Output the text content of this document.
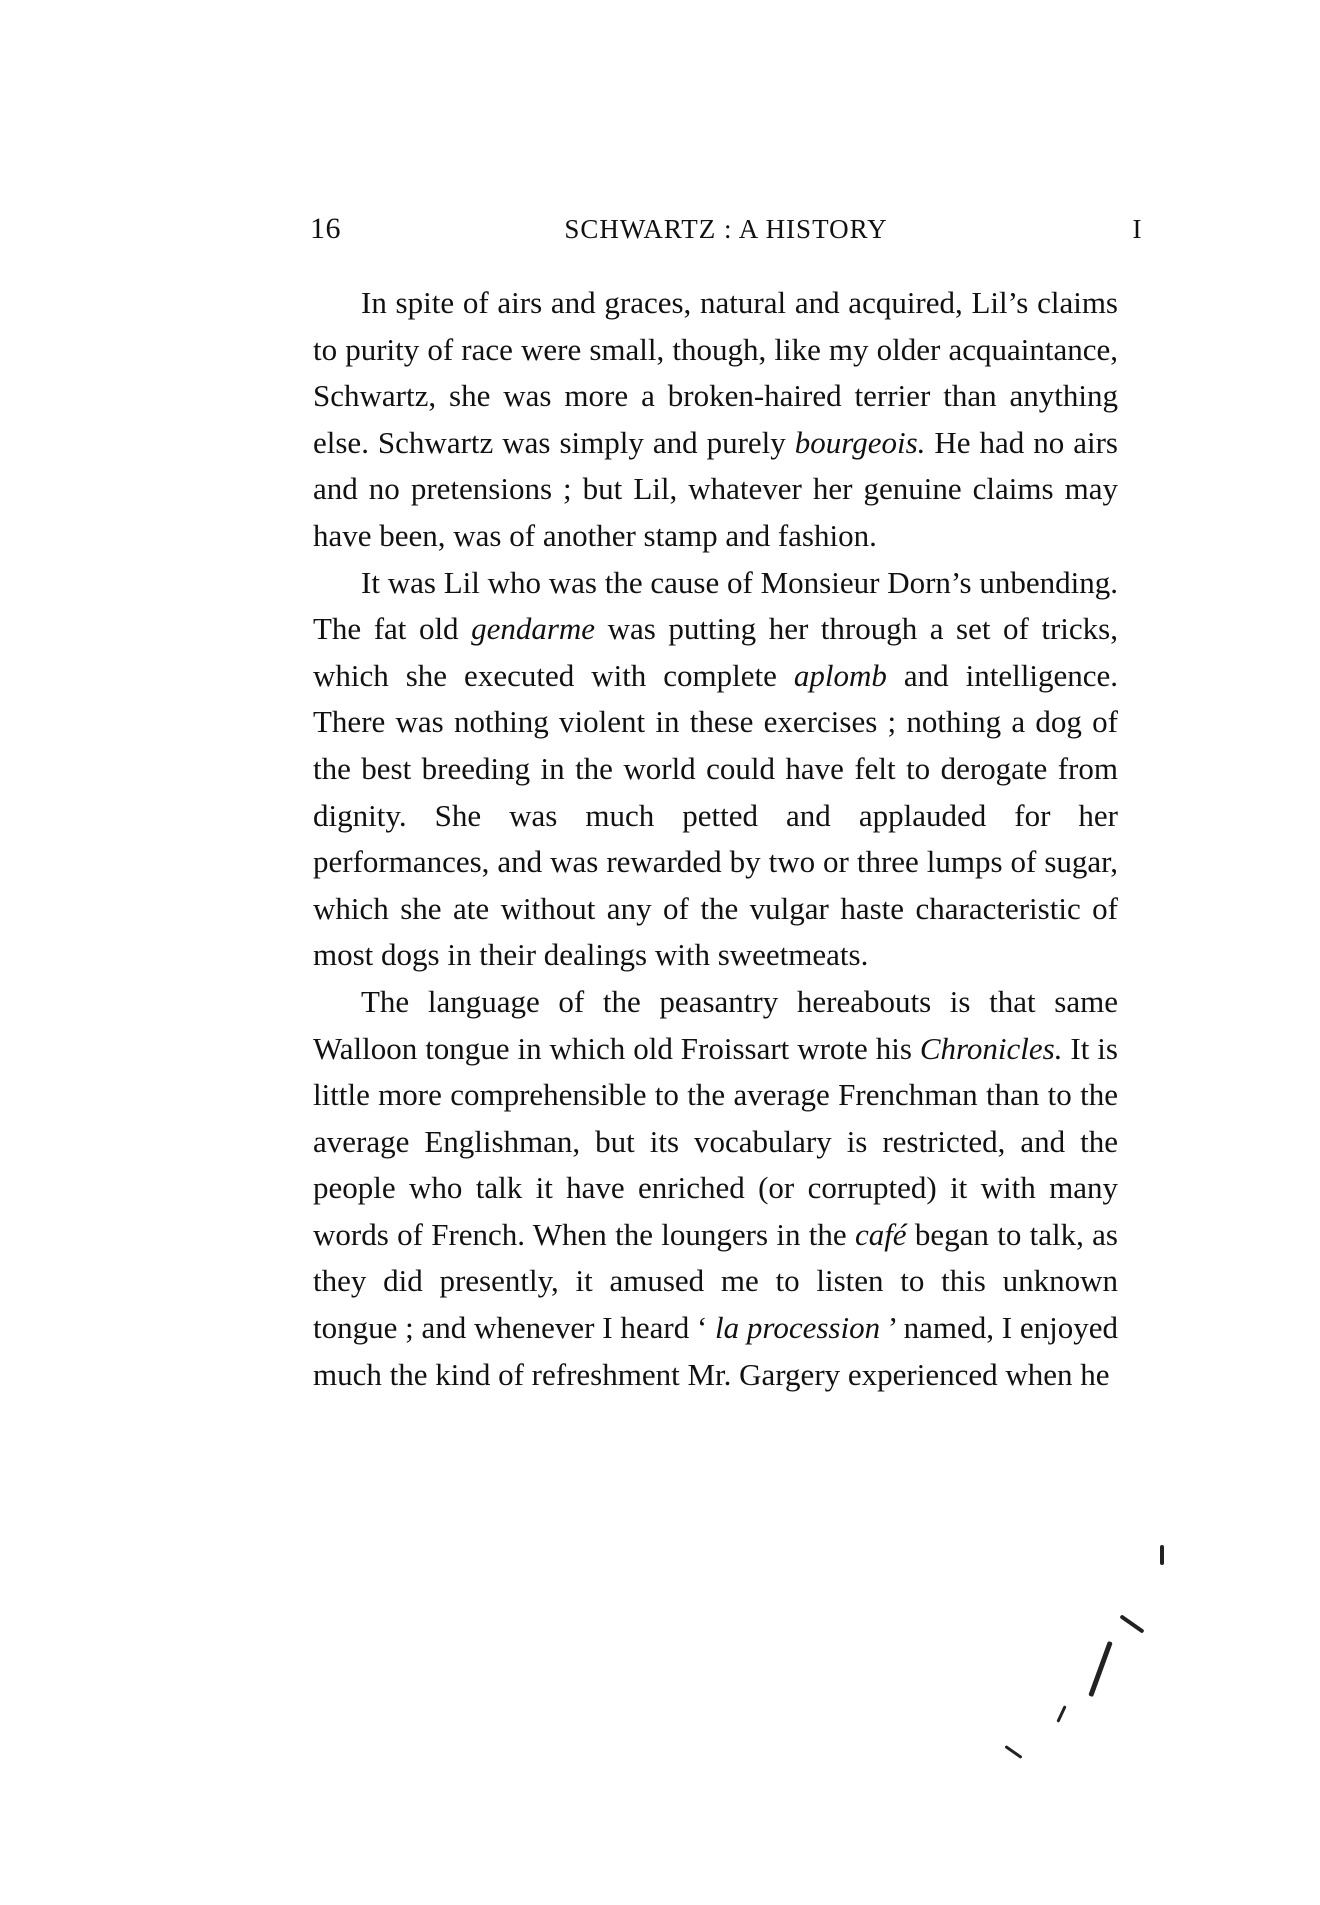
16	SCHWARTZ : A HISTORY	I

In spite of airs and graces, natural and acquired, Lil’s claims to purity of race were small, though, like my older acquaintance, Schwartz, she was more a broken-haired terrier than anything else. Schwartz was simply and purely bourgeois. He had no airs and no pretensions ; but Lil, whatever her genuine claims may have been, was of another stamp and fashion.

It was Lil who was the cause of Monsieur Dorn’s unbending. The fat old gendarme was putting her through a set of tricks, which she executed with complete aplomb and intelligence. There was nothing violent in these exercises ; nothing a dog of the best breeding in the world could have felt to derogate from dignity. She was much petted and applauded for her performances, and was rewarded by two or three lumps of sugar, which she ate without any of the vulgar haste characteristic of most dogs in their dealings with sweetmeats.

The language of the peasantry hereabouts is that same Walloon tongue in which old Froissart wrote his Chronicles. It is little more comprehensible to the average Frenchman than to the average Englishman, but its vocabulary is restricted, and the people who talk it have enriched (or corrupted) it with many words of French. When the loungers in the café began to talk, as they did presently, it amused me to listen to this unknown tongue ; and whenever I heard ‘ la procession ’ named, I enjoyed much the kind of refreshment Mr. Gargery experienced when he
